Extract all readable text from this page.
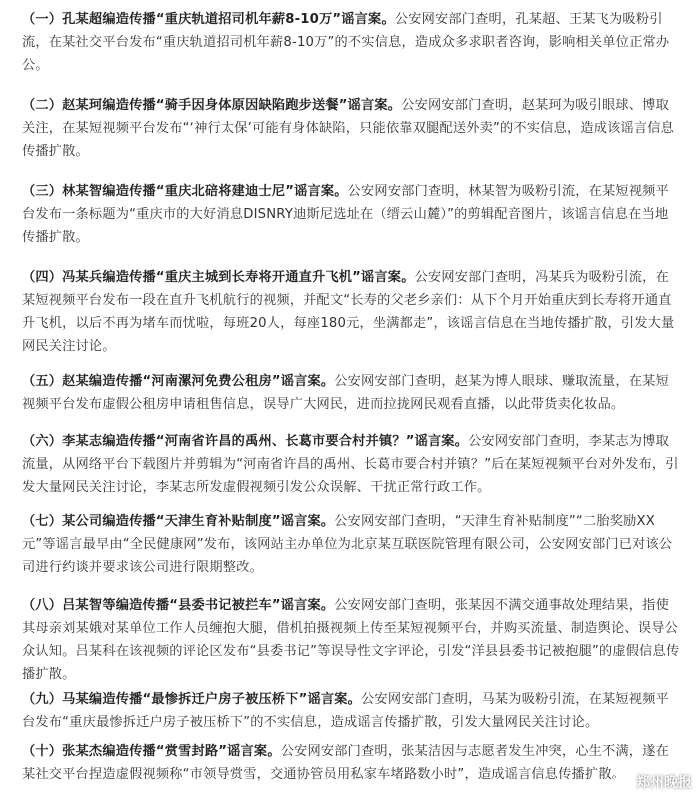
（一）孔某超编造传播“重庆轨道招司机年薪8-10万”谣言案。公安网安部门查明，孔某超、王某飞为吸粉引流，在某社交平台发布“重庆轨道招司机年薪8-10万”的不实信息，造成众多求职者咨询，影响相关单位正常办公。

（二）赵某珂编造传播“骑手因身体原因缺陷跑步送餐”谣言案。公安网安部门查明，赵某珂为吸引眼球、博取关注，在某短视频平台发布“‘神行太保’可能有身体缺陷，只能依靠双腿配送外卖”的不实信息，造成该谣言信息传播扩散。

（三）林某智编造传播“重庆北碚将建迪士尼”谣言案。公安网安部门查明，林某智为吸粉引流，在某短视频平台发布一条标题为“重庆市的大好消息DISNRY迪斯尼选址在（缙云山麓）”的剪辑配音图片，该谣言信息在当地传播扩散。

（四）冯某兵编造传播“重庆主城到长寿将开通直升飞机”谣言案。公安网安部门查明，冯某兵为吸粉引流，在某短视频平台发布一段在直升飞机航行的视频，并配文“长寿的父老乡亲们：从下个月开始重庆到长寿将开通直升飞机，以后不再为堵车而忧啦，每班20人，每座180元，坐满都走”，该谣言信息在当地传播扩散，引发大量网民关注讨论。

（五）赵某编造传播“河南漯河免费公租房”谣言案。公安网安部门查明，赵某为博人眼球、赚取流量，在某短视频平台发布虚假公租房申请租售信息，误导广大网民，进而拉拢网民观看直播，以此带货卖化妆品。

（六）李某志编造传播“河南省许昌的禹州、长葛市要合村并镇？”谣言案。公安网安部门查明，李某志为博取流量，从网络平台下载图片并剪辑为“河南省许昌的禹州、长葛市要合村并镇？”后在某短视频平台对外发布，引发大量网民关注讨论，李某志所发虚假视频引发公众误解、干扰正常行政工作。

（七）某公司编造传播“天津生育补贴制度”谣言案。公安网安部门查明，“天津生育补贴制度”“二胎奖励XX元”等谣言最早由“全民健康网”发布，该网站主办单位为北京某互联医院管理有限公司，公安网安部门已对该公司进行约谈并要求该公司进行限期整改。

（八）吕某智等编造传播“县委书记被拦车”谣言案。公安网安部门查明，张某因不满交通事故处理结果，指使其母亲刘某娥对某单位工作人员缠抱大腿，借机拍摄视频上传至某短视频平台，并购买流量、制造舆论、误导公众认知。吕某科在该视频的评论区发布“县委书记”等误导性文字评论，引发“洋县县委书记被抱腿”的虚假信息传播扩散。

（九）马某编造传播“最惨拆迁户房子被压桥下”谣言案。公安网安部门查明，马某为吸粉引流，在某短视频平台发布“重庆最惨拆迁户房子被压桥下”的不实信息，造成谣言传播扩散，引发大量网民关注讨论。

（十）张某杰编造传播“赏雪封路”谣言案。公安网安部门查明，张某洁因与志愿者发生冲突，心生不满，遂在某社交平台捏造虚假视频称“市领导赏雪，交通协管员用私家车堵路数小时”，造成谣言信息传播扩散。

郑州晚报
